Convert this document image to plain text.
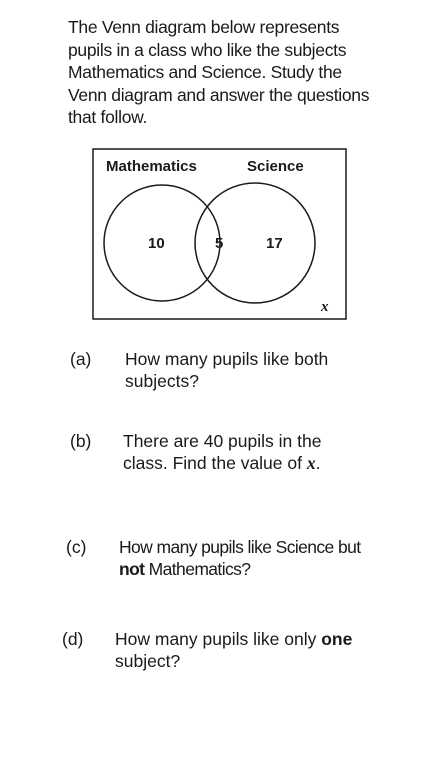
The Venn diagram below represents pupils in a class who like the subjects Mathematics and Science. Study the Venn diagram and answer the questions that follow.
Mathematics	Science
10	5	17
x
(a) How many pupils like both subjects?
(b) There are 40 pupils in the class. Find the value of x.
(c) How many pupils like Science but not Mathematics?
(d) How many pupils like only one subject?
